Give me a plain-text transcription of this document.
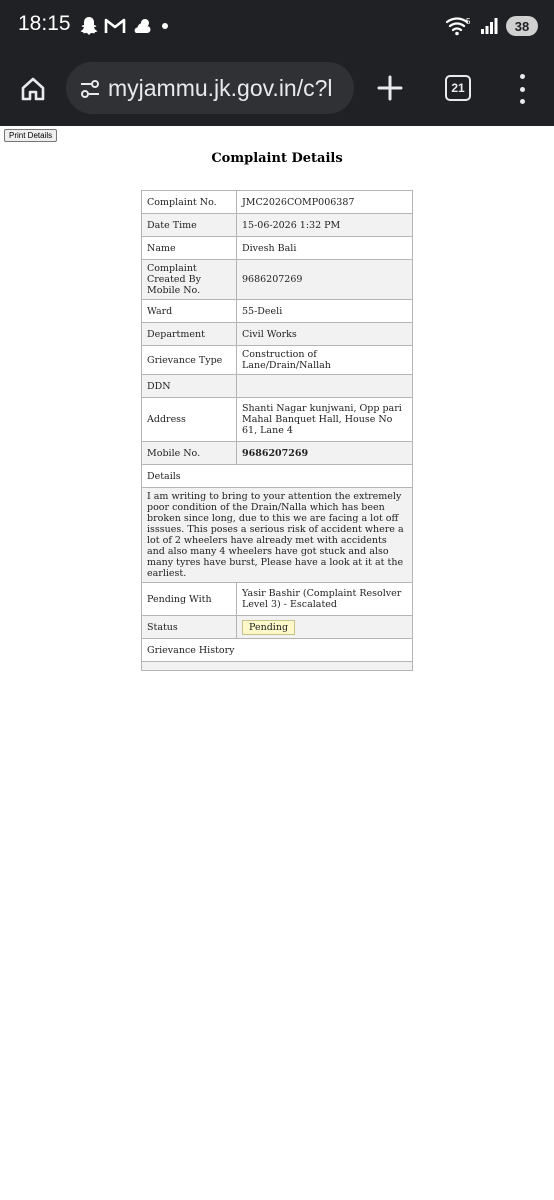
18:15	5	38
myjammu.jk.gov.in/c?l	21
Print Details
Complaint Details
Complaint No.	JMC2026COMP006387
Date Time	15-06-2026 1:32 PM
Name	Divesh Bali
Complaint Created By Mobile No.	9686207269
Ward	55-Deeli
Department	Civil Works
Grievance Type	Construction of Lane/Drain/Nallah
DDN	
Address	Shanti Nagar kunjwani, Opp pari Mahal Banquet Hall, House No 61, Lane 4
Mobile No.	9686207269
Details	
I am writing to bring to your attention the extremely poor condition of the Drain/Nalla which has been broken since long, due to this we are facing a lot off isssues. This poses a serious risk of accident where a lot of 2 wheelers have already met with accidents and also many 4 wheelers have got stuck and also many tyres have burst, Please have a look at it at the earliest.	
Pending With	Yasir Bashir (Complaint Resolver Level 3) - Escalated
Status	Pending
Grievance History	
